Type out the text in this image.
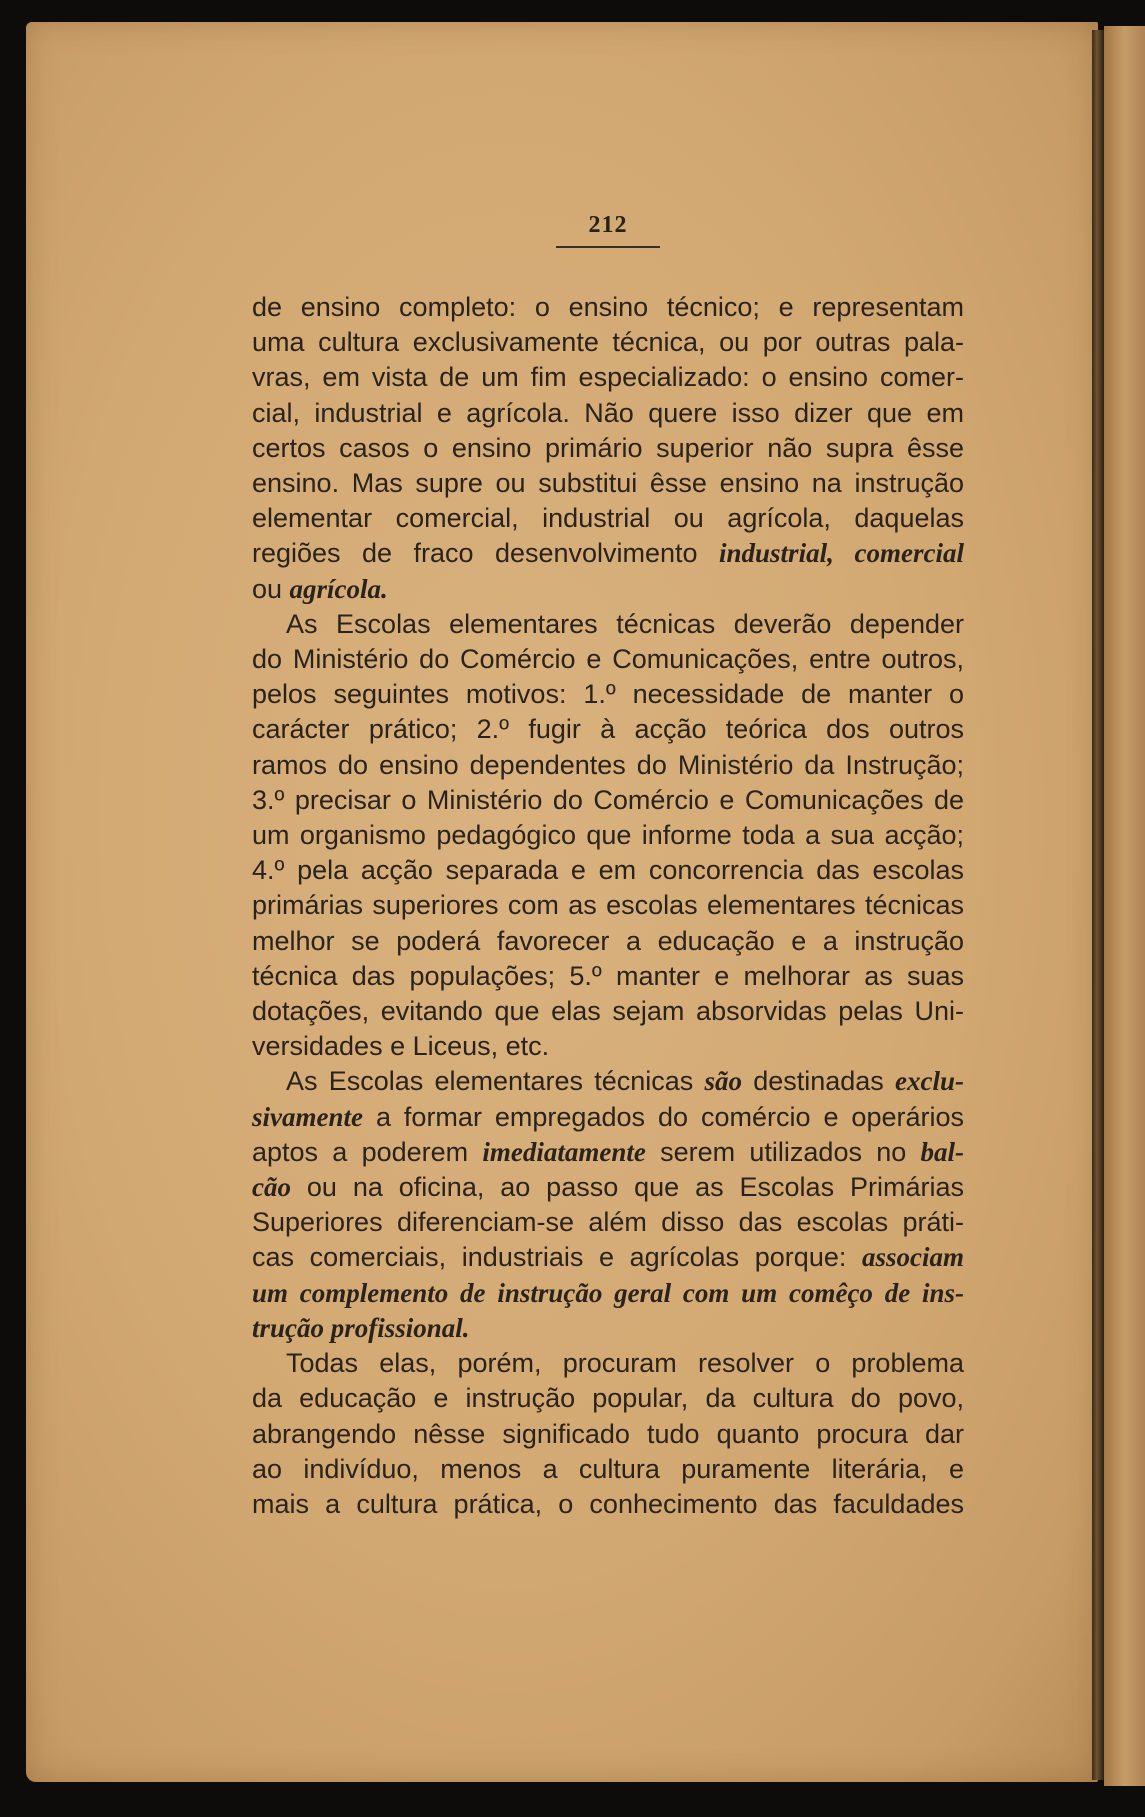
212
de ensino completo: o ensino técnico; e representam
uma cultura exclusivamente técnica, ou por outras pala-
vras, em vista de um fim especializado: o ensino comer-
cial, industrial e agrícola. Não quere isso dizer que em
certos casos o ensino primário superior não supra êsse
ensino. Mas supre ou substitui êsse ensino na instrução
elementar comercial, industrial ou agrícola, daquelas
regiões de fraco desenvolvimento industrial, comercial
ou agrícola.
As Escolas elementares técnicas deverão depender
do Ministério do Comércio e Comunicações, entre outros,
pelos seguintes motivos: 1.º necessidade de manter o
carácter prático; 2.º fugir à acção teórica dos outros
ramos do ensino dependentes do Ministério da Instrução;
3.º precisar o Ministério do Comércio e Comunicações de
um organismo pedagógico que informe toda a sua acção;
4.º pela acção separada e em concorrencia das escolas
primárias superiores com as escolas elementares técnicas
melhor se poderá favorecer a educação e a instrução
técnica das populações; 5.º manter e melhorar as suas
dotações, evitando que elas sejam absorvidas pelas Uni-
versidades e Liceus, etc.
As Escolas elementares técnicas são destinadas exclu-
sivamente a formar empregados do comércio e operários
aptos a poderem imediatamente serem utilizados no bal-
cão ou na oficina, ao passo que as Escolas Primárias
Superiores diferenciam-se além disso das escolas práti-
cas comerciais, industriais e agrícolas porque: associam
um complemento de instrução geral com um comêço de ins-
trução profissional.
Todas elas, porém, procuram resolver o problema
da educação e instrução popular, da cultura do povo,
abrangendo nêsse significado tudo quanto procura dar
ao indivíduo, menos a cultura puramente literária, e
mais a cultura prática, o conhecimento das faculdades
